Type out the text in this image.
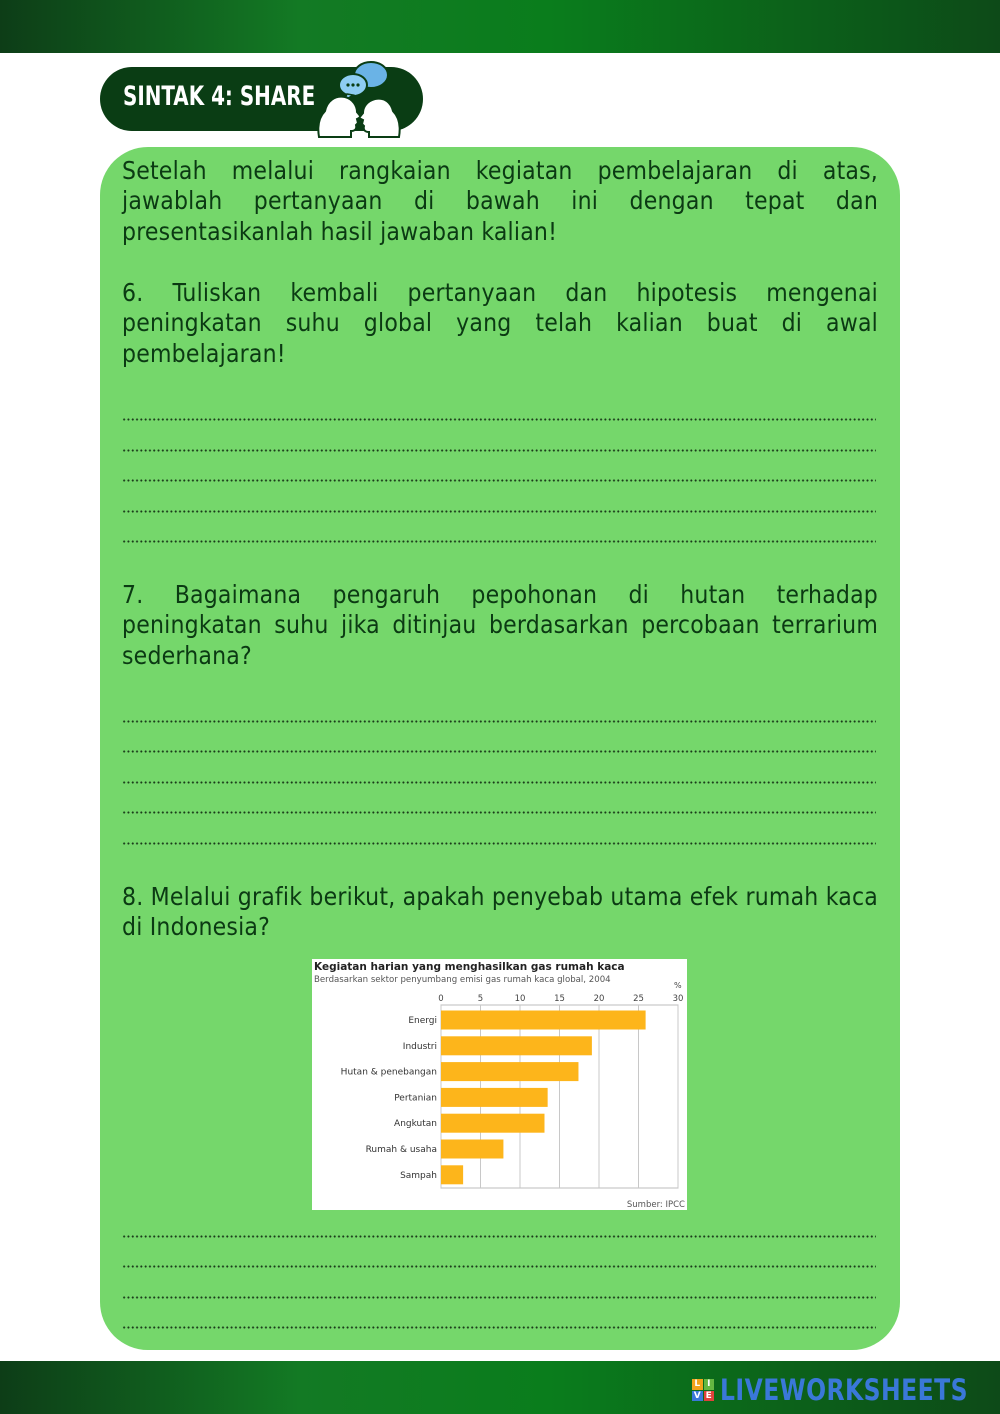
SINTAK 4: SHARE
Setelah melalui rangkaian kegiatan pembelajaran di atas, jawablah pertanyaan di bawah ini dengan tepat dan presentasikanlah hasil jawaban kalian!
6. Tuliskan kembali pertanyaan dan hipotesis mengenai peningkatan suhu global yang telah kalian buat di awal pembelajaran!
7. Bagaimana pengaruh pepohonan di hutan terhadap peningkatan suhu jika ditinjau berdasarkan percobaan terrarium sederhana?
8. Melalui grafik berikut, apakah penyebab utama efek rumah kaca di Indonesia?
Kegiatan harian yang menghasilkan gas rumah kaca
Berdasarkan sektor penyumbang emisi gas rumah kaca global, 2004
%
Energi
Industri
Hutan & penebangan
Pertanian
Angkutan
Rumah & usaha
Sampah
0	5	10	15	20	25	30
Sumber: IPCC
L I
V E LIVEWORKSHEETS
